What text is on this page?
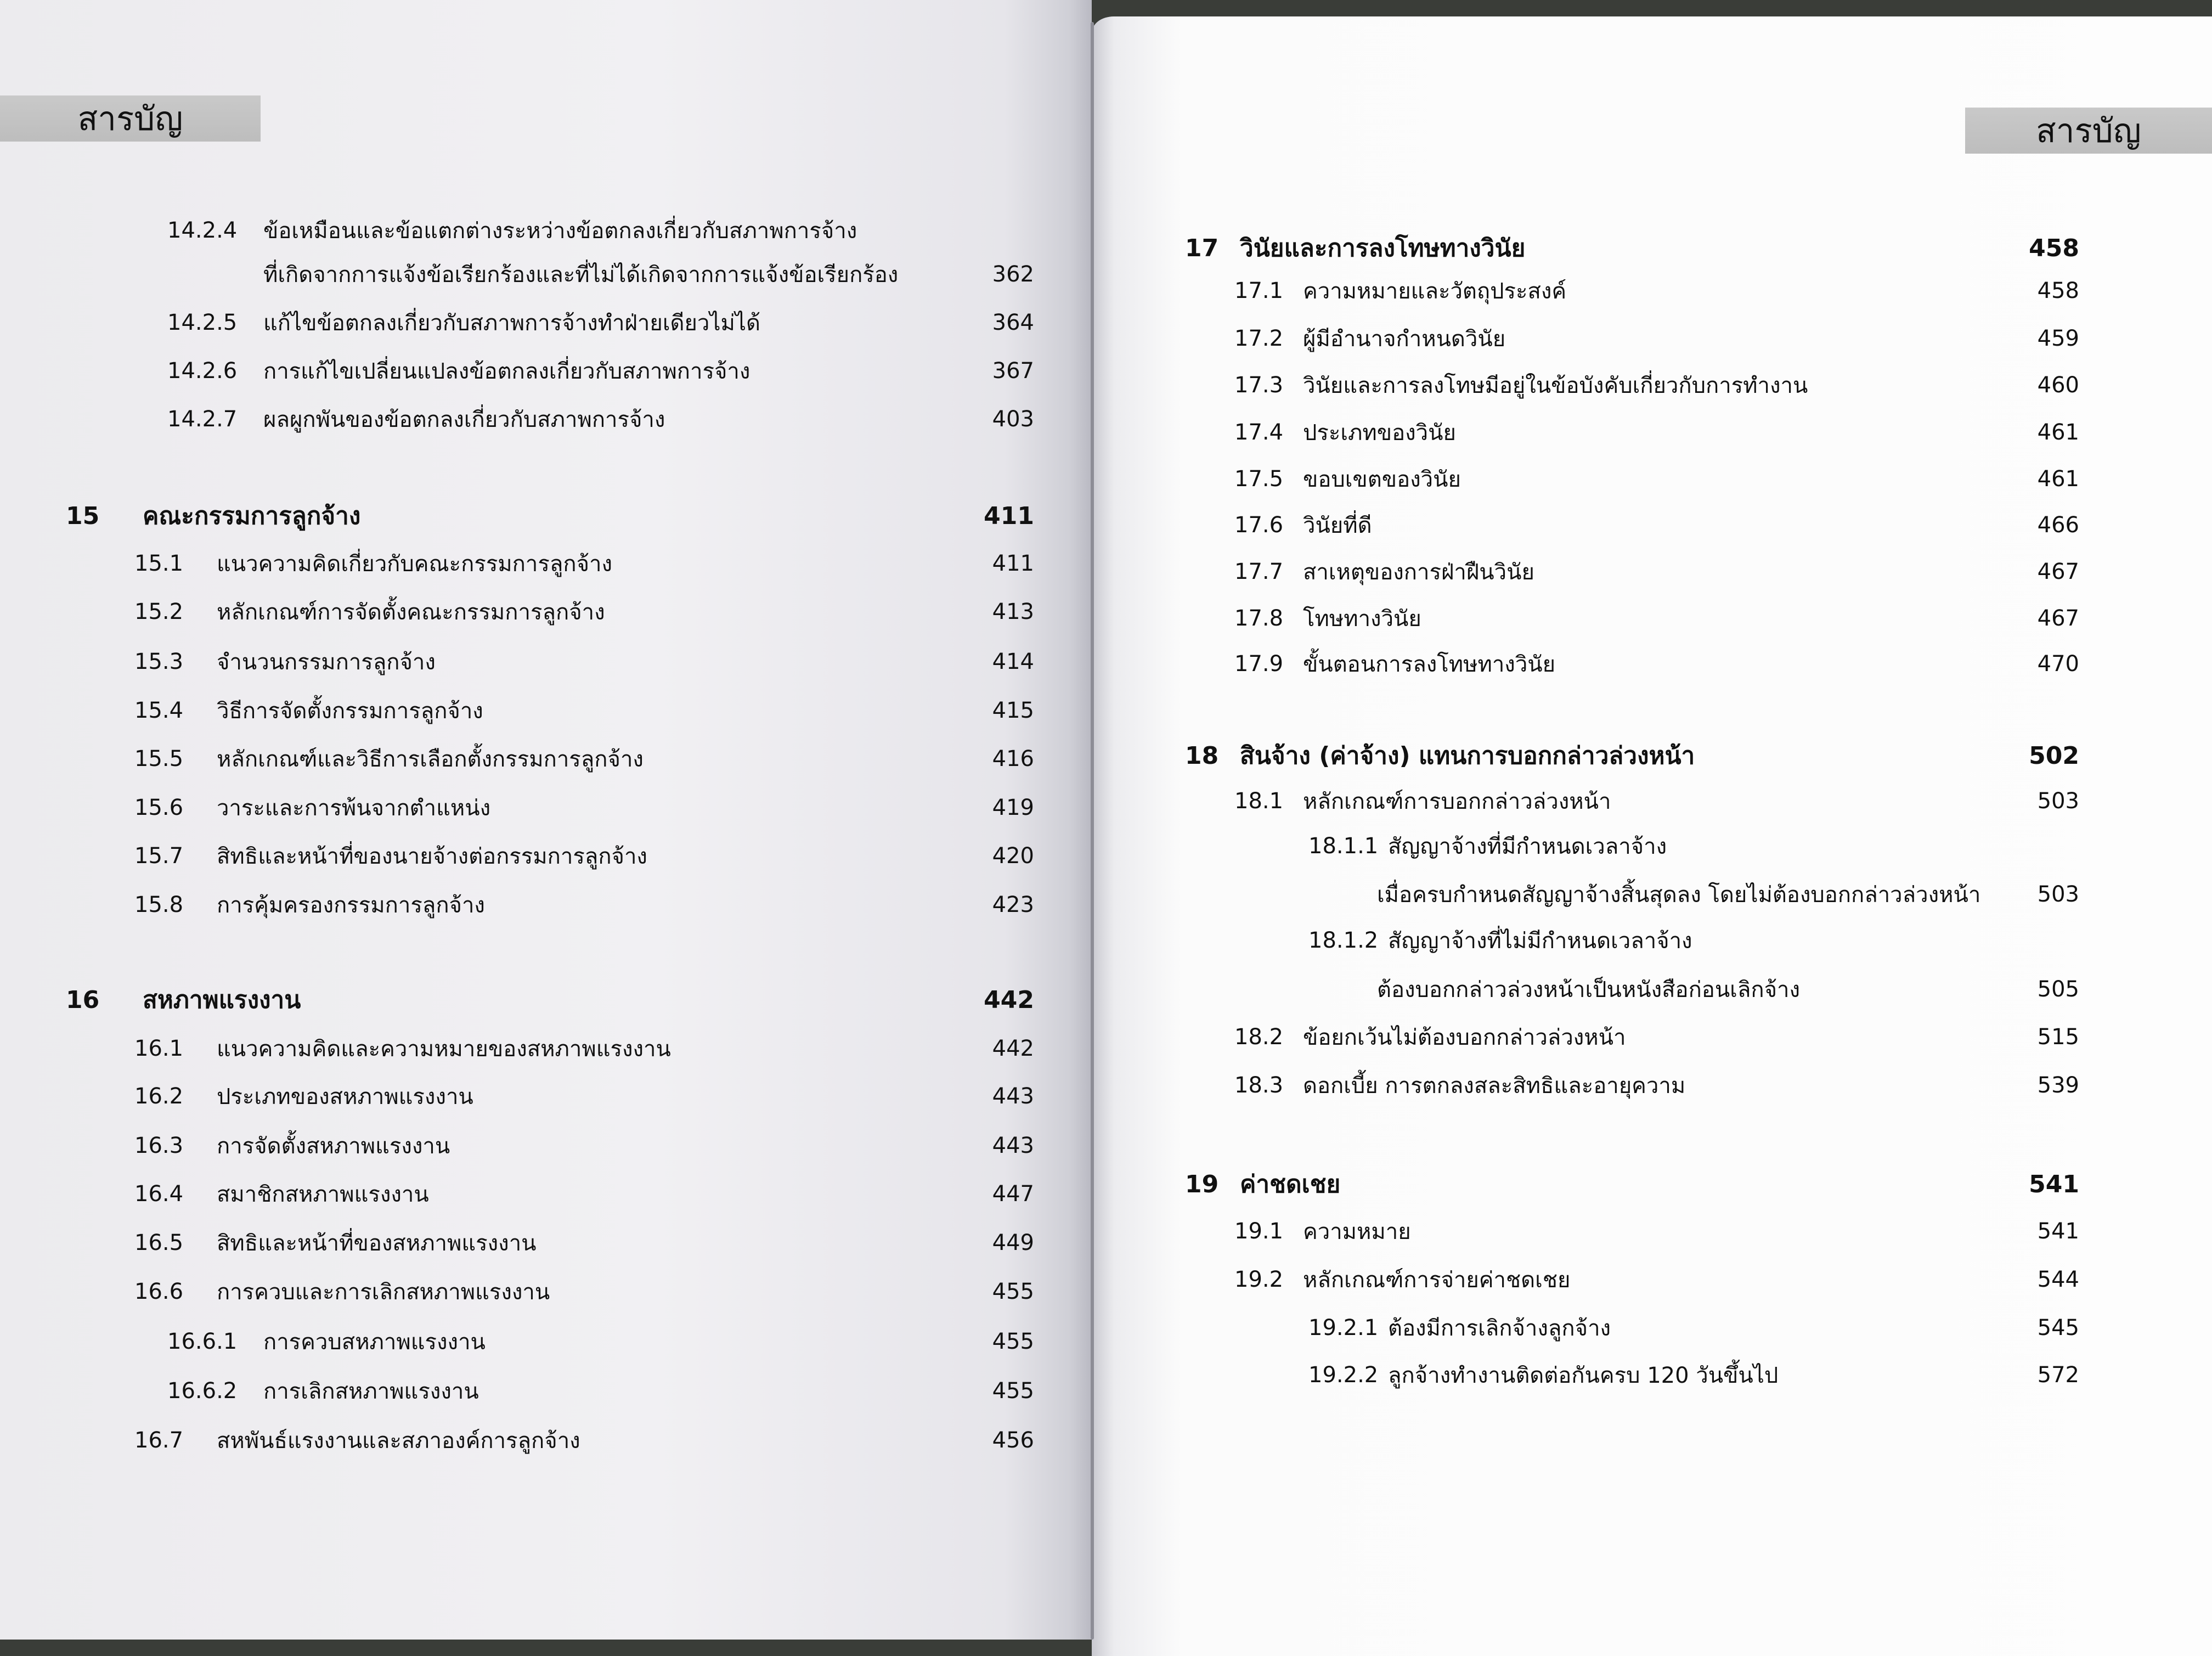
สารบัญ
14.2.4	ข้อเหมือนและข้อแตกต่างระหว่างข้อตกลงเกี่ยวกับสภาพการจ้าง
ที่เกิดจากการแจ้งข้อเรียกร้องและที่ไม่ได้เกิดจากการแจ้งข้อเรียกร้อง	362
14.2.5	แก้ไขข้อตกลงเกี่ยวกับสภาพการจ้างทำฝ่ายเดียวไม่ได้	364
14.2.6	การแก้ไขเปลี่ยนแปลงข้อตกลงเกี่ยวกับสภาพการจ้าง	367
14.2.7	ผลผูกพันของข้อตกลงเกี่ยวกับสภาพการจ้าง	403
15	คณะกรรมการลูกจ้าง	411
15.1	แนวความคิดเกี่ยวกับคณะกรรมการลูกจ้าง	411
15.2	หลักเกณฑ์การจัดตั้งคณะกรรมการลูกจ้าง	413
15.3	จำนวนกรรมการลูกจ้าง	414
15.4	วิธีการจัดตั้งกรรมการลูกจ้าง	415
15.5	หลักเกณฑ์และวิธีการเลือกตั้งกรรมการลูกจ้าง	416
15.6	วาระและการพ้นจากตำแหน่ง	419
15.7	สิทธิและหน้าที่ของนายจ้างต่อกรรมการลูกจ้าง	420
15.8	การคุ้มครองกรรมการลูกจ้าง	423
16	สหภาพแรงงาน	442
16.1	แนวความคิดและความหมายของสหภาพแรงงาน	442
16.2	ประเภทของสหภาพแรงงาน	443
16.3	การจัดตั้งสหภาพแรงงาน	443
16.4	สมาชิกสหภาพแรงงาน	447
16.5	สิทธิและหน้าที่ของสหภาพแรงงาน	449
16.6	การควบและการเลิกสหภาพแรงงาน	455
16.6.1	การควบสหภาพแรงงาน	455
16.6.2	การเลิกสหภาพแรงงาน	455
16.7	สหพันธ์แรงงานและสภาองค์การลูกจ้าง	456
สารบัญ
17 วินัยและการลงโทษทางวินัย	458
17.1 ความหมายและวัตถุประสงค์	458
17.2 ผู้มีอำนาจกำหนดวินัย	459
17.3 วินัยและการลงโทษมีอยู่ในข้อบังคับเกี่ยวกับการทำงาน	460
17.4 ประเภทของวินัย	461
17.5 ขอบเขตของวินัย	461
17.6 วินัยที่ดี	466
17.7 สาเหตุของการฝ่าฝืนวินัย	467
17.8 โทษทางวินัย	467
17.9 ขั้นตอนการลงโทษทางวินัย	470
18 สินจ้าง (ค่าจ้าง) แทนการบอกกล่าวล่วงหน้า	502
18.1 หลักเกณฑ์การบอกกล่าวล่วงหน้า	503
18.1.1 สัญญาจ้างที่มีกำหนดเวลาจ้าง
เมื่อครบกำหนดสัญญาจ้างสิ้นสุดลง โดยไม่ต้องบอกกล่าวล่วงหน้า	503
18.1.2 สัญญาจ้างที่ไม่มีกำหนดเวลาจ้าง
ต้องบอกกล่าวล่วงหน้าเป็นหนังสือก่อนเลิกจ้าง	505
18.2 ข้อยกเว้นไม่ต้องบอกกล่าวล่วงหน้า	515
18.3 ดอกเบี้ย การตกลงสละสิทธิและอายุความ	539
19 ค่าชดเชย	541
19.1 ความหมาย	541
19.2 หลักเกณฑ์การจ่ายค่าชดเชย	544
19.2.1 ต้องมีการเลิกจ้างลูกจ้าง	545
19.2.2 ลูกจ้างทำงานติดต่อกันครบ 120 วันขึ้นไป	572
